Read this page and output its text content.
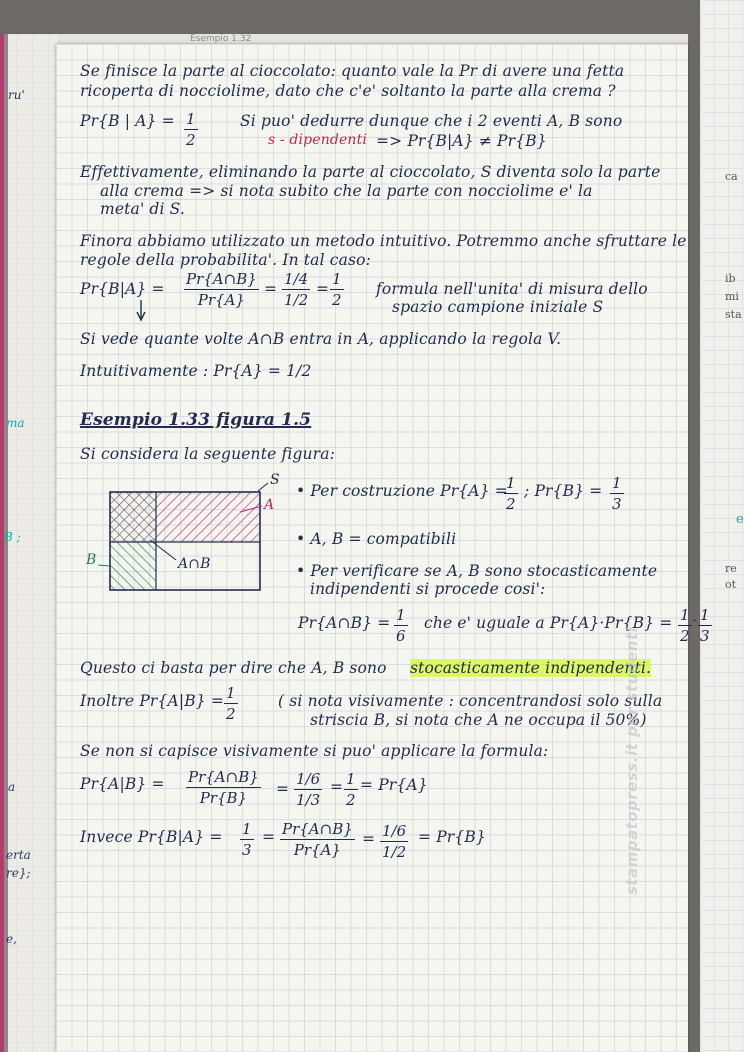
ru'
ma
B ;
a
erta
re};
e,
Esempio 1.32
ca
ib
mi
sta
e
re
ot
Se finisce la parte al cioccolato: quanto vale la Pr di avere una fetta
ricoperta di nocciolime, dato che c'e' soltanto la parte alla crema ?
Pr{B | $A\} = \frac{1}{2}$	Si puo' dedurre dunque che i 2 eventi A, B sono
s - dipendenti => Pr{B|A} ≠ Pr{B}
Effettivamente, eliminando la parte al cioccolato, S diventa solo la parte
alla crema => si nota subito che la parte con nocciolime e' la
meta' di S.
Finora abbiamo utilizzato un metodo intuitivo. Potremmo anche sfruttare le
regole della probabilita'. In tal caso:
$Pr\{B|A\} = \frac{Pr\{A\cap B\}}{Pr\{A\}} = \frac{1/4}{1/2} = \frac{1}{2}$ formula nell'unita' di misura dello
spazio campione iniziale S
Si vede quante volte A∩B entra in A, applicando la regola V.
Intuitivamente : Pr{A} = 1/2
Esempio 1.33 figura 1.5
Si considera la seguente figura:
S
A
B	A∩B
• Per costruzione Pr{A} =
$\frac{1}{2}$ ; $Pr\{B\} = \frac{1}{3}$
• A, B = compatibili
• Per verificare se A, B sono stocasticamente
indipendenti si procede cosi':
Pr{A∩B} = $\frac{1}{6}$ che e' uguale a $Pr\{A\}\cdot Pr\{B\} = \frac{1}{2} \cdot \frac{1}{3}$
Questo ci basta per dire che A, B sono stocasticamente indipendenti.
Inoltre $Pr\{A|B\} = \frac{1}{2}$	( si nota visivamente : concentrandosi solo sulla
striscia B, si nota che A ne occupa il 50%)
Se non si capisce visivamente si puo' applicare la formula:
$Pr\{A|B\} = \frac{Pr\{A\cap B\}}{Pr\{B\}} = \frac{1/6}{1/3} = \frac{1}{2} = Pr\{A\}$
Invece $Pr\{B|A\} = \frac{1}{3} = \frac{Pr\{A\cap B\}}{Pr\{A\}} = \frac{1/6}{1/2} = Pr\{B\}$	stampatopress.it per studenti
